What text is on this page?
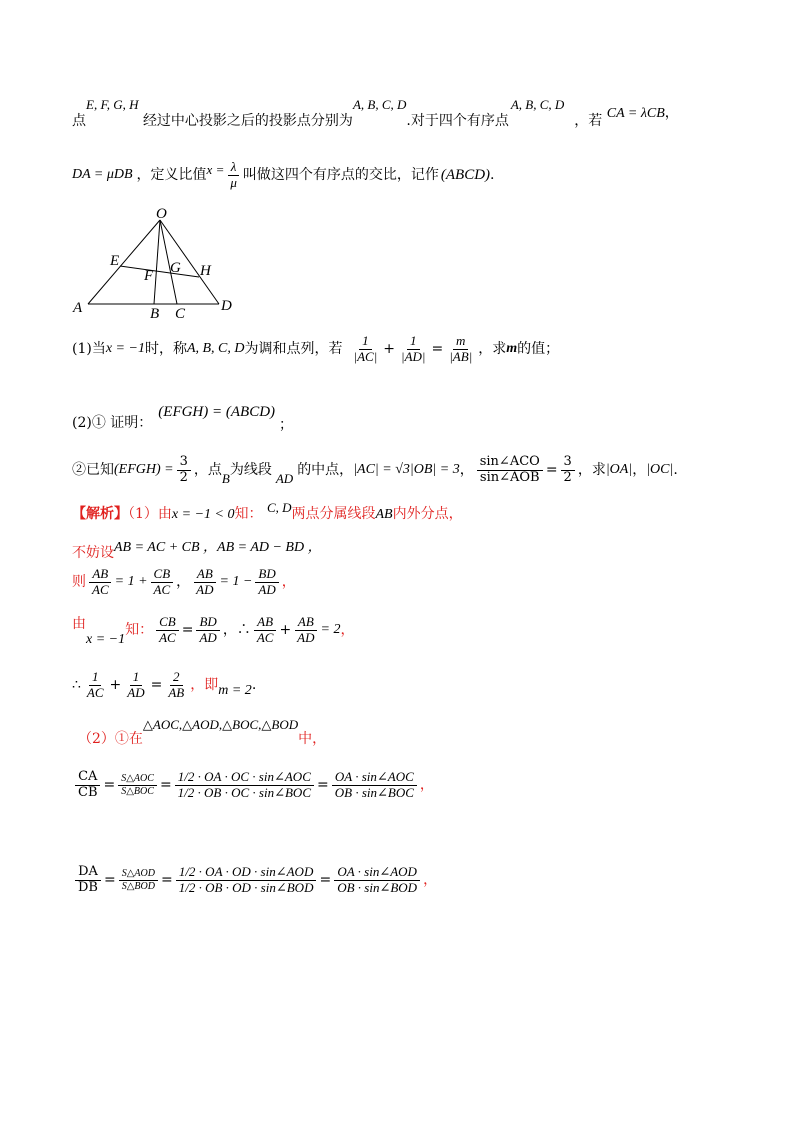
点E, F, G, H 经过中心投影之后的投影点分别为A, B, C, D.对于四个有序点A, B, C, D，若 CA = λCB，
DA = μDB ，定义比值 $x = \frac{\lambda}{\mu}$ 叫做这四个有序点的交比，记作 (ABCD) .
O
E
F G H
A	B C D
(1)当 x = −1 时，称 A, B, C, D 为调和点列，若 $\frac{1}{|AC|} + \frac{1}{|AD|} = \frac{m}{|AB|}$ ，求 m 的值；
(2)① 证明：
(EFGH) = (ABCD)
；
②已知 (EFGH) = $\frac{3}{2}$ ，点 B 为线段 AD 的中点， |AC| = √3|OB| = 3 ， $\frac{\text{sin∠ACO}}{\text{sin∠AOB}} = \frac{3}{2}$ ，求 |OA| ， |OC| .
【解析】（1）由x = −1 < 0知： C, D两点分属线段AB内外分点，
不妨设AB = AC + CB ，AB = AD − BD ，
则 $\frac{AB}{AC} = 1 + \frac{CB}{AC}$ ， $\frac{AB}{AD} = 1 - \frac{BD}{AD}$ ，
由
x = −1
知： $\frac{CB}{AC} = \frac{BD}{AD}$ ，∴ $\frac{AB}{AC} + \frac{AB}{AD} = 2$ ，
∴ $\frac{1}{AC} + \frac{1}{AD} = \frac{2}{AB}$ ，即 m = 2 .
（2）①在△AOC,△AOD,△BOC,△BOD中，
$\frac{CA}{CB} = \frac{\text{S△AOC}}{\text{S△BOC}} = \frac{\text{1/2 · OA · OC · sin∠AOC}}{\text{1/2 · OB · OC · sin∠BOC}} = \frac{\text{OA · sin∠AOC}}{\text{OB · sin∠BOC}}$ ，
$\frac{DA}{DB} = \frac{\text{S△AOD}}{\text{S△BOD}} = \frac{\text{1/2 · OA · OD · sin∠AOD}}{\text{1/2 · OB · OD · sin∠BOD}} = \frac{\text{OA · sin∠AOD}}{\text{OB · sin∠BOD}}$ ，
